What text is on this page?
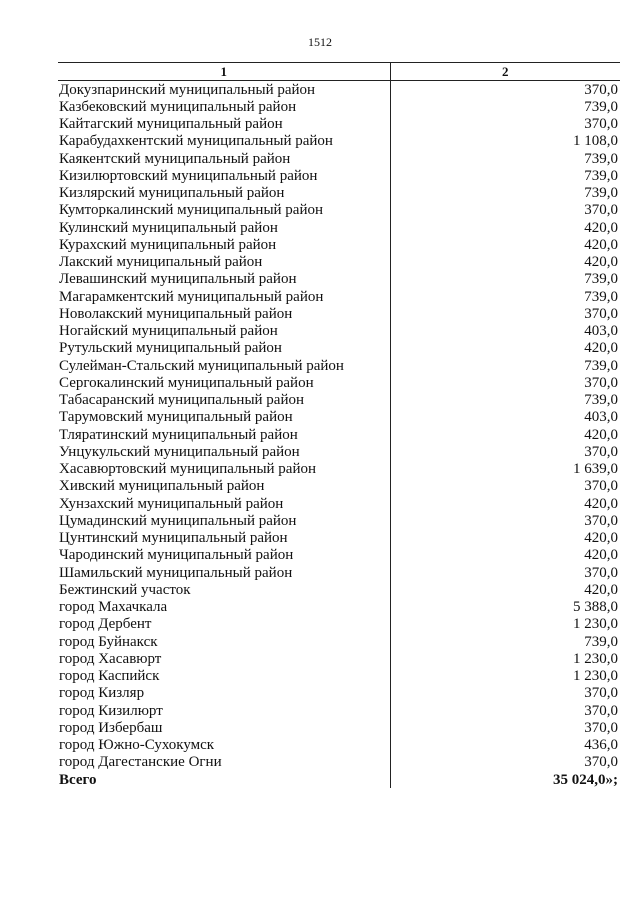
1512
1	2
Докузпаринский муниципальный район	370,0
Казбековский муниципальный район	739,0
Кайтагский муниципальный район	370,0
Карабудахкентский муниципальный район	1 108,0
Каякентский муниципальный район	739,0
Кизилюртовский муниципальный район	739,0
Кизлярский муниципальный район	739,0
Кумторкалинский муниципальный район	370,0
Кулинский муниципальный район	420,0
Курахский муниципальный район	420,0
Лакский муниципальный район	420,0
Левашинский муниципальный район	739,0
Магарамкентский муниципальный район	739,0
Новолакский муниципальный район	370,0
Ногайский муниципальный район	403,0
Рутульский муниципальный район	420,0
Сулейман-Стальский муниципальный район	739,0
Сергокалинский муниципальный район	370,0
Табасаранский муниципальный район	739,0
Тарумовский муниципальный район	403,0
Тляратинский муниципальный район	420,0
Унцукульский муниципальный район	370,0
Хасавюртовский муниципальный район	1 639,0
Хивский муниципальный район	370,0
Хунзахский муниципальный район	420,0
Цумадинский муниципальный район	370,0
Цунтинский муниципальный район	420,0
Чародинский муниципальный район	420,0
Шамильский муниципальный район	370,0
Бежтинский участок	420,0
город Махачкала	5 388,0
город Дербент	1 230,0
город Буйнакск	739,0
город Хасавюрт	1 230,0
город Каспийск	1 230,0
город Кизляр	370,0
город Кизилюрт	370,0
город Избербаш	370,0
город Южно-Сухокумск	436,0
город Дагестанские Огни	370,0
Всего	35 024,0»;
